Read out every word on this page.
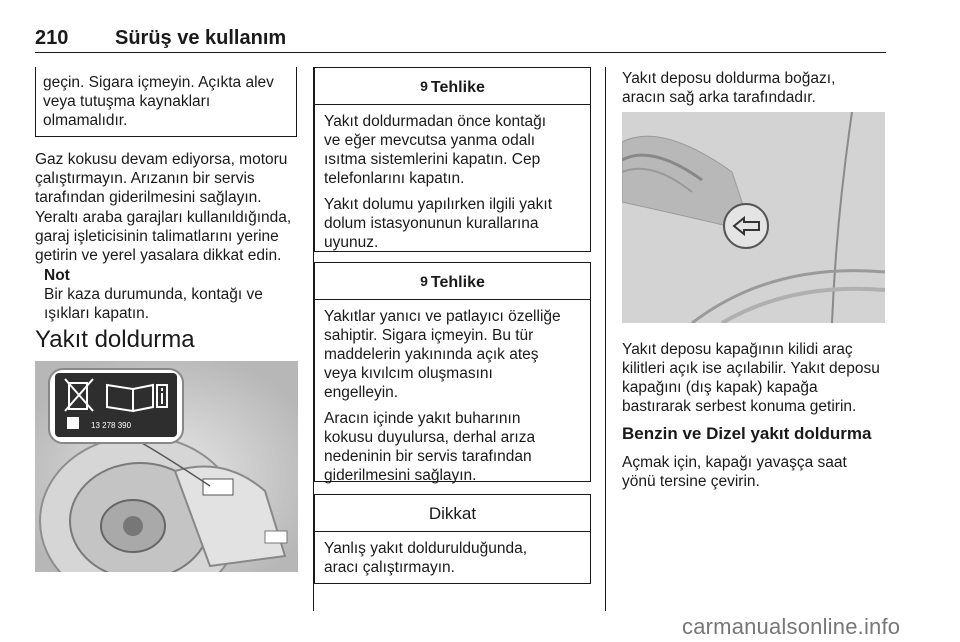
210 Sürüş ve kullanım

geçin. Sigara içmeyin. Açıkta alev

veya tutuşma kaynakları

olmamalıdır.

Gaz kokusu devam ediyorsa, motoru

çalıştırmayın. Arızanın bir servis

tarafından giderilmesini sağlayın.

Yeraltı araba garajları kullanıldığında,

garaj işleticisinin talimatlarını yerine

getirin ve yerel yasalara dikkat edin.

Not

Bir kaza durumunda, kontağı ve

ışıkları kapatın.

Yakıt doldurma
13 278 390
9 Tehlike

Yakıt doldurmadan önce kontağı
ve eğer mevcutsa yanma odalı
ısıtma sistemlerini kapatın. Cep
telefonlarını kapatın.

Yakıt dolumu yapılırken ilgili yakıt
dolum istasyonunun kurallarına
uyunuz.

9 Tehlike

Yakıtlar yanıcı ve patlayıcı özelliğe
sahiptir. Sigara içmeyin. Bu tür
maddelerin yakınında açık ateş
veya kıvılcım oluşmasını
engelleyin.

Aracın içinde yakıt buharının
kokusu duyulursa, derhal arıza
nedeninin bir servis tarafından
giderilmesini sağlayın.

Dikkat

Yanlış yakıt doldurulduğunda,
aracı çalıştırmayın.

Yakıt deposu doldurma boğazı,

aracın sağ arka tarafındadır.

Yakıt deposu kapağının kilidi araç

kilitleri açık ise açılabilir. Yakıt deposu

kapağını (dış kapak) kapağa

bastırarak serbest konuma getirin.

Benzin ve Dizel yakıt doldurma

Açmak için, kapağı yavaşça saat

yönü tersine çevirin.

carmanualsonline.info
